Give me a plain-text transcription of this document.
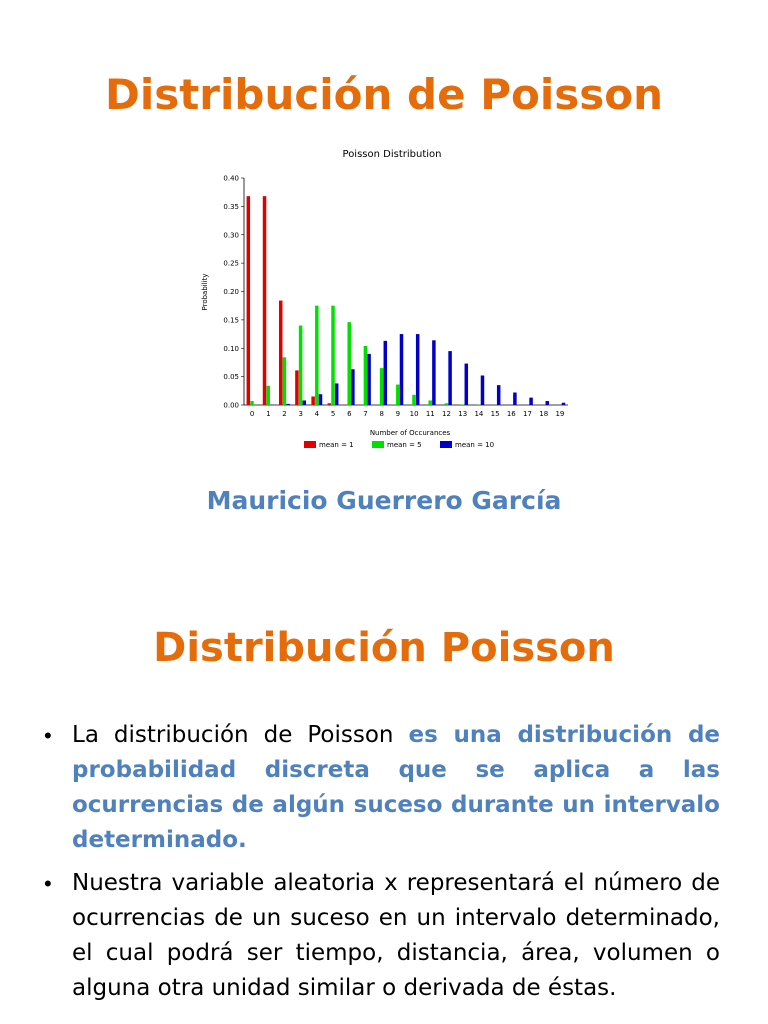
Distribución de Poisson
Poisson Distribution
Probability
Number of Occurances
0.00
0.05
0.10
0.15
0.20
0.25
0.30
0.35
0.40
0 1 2 3 4 5 6 7 8 9 10 11 12 13 14 15 16 17 18 19
mean = 1	mean = 5	mean = 10
Mauricio Guerrero García
Distribución Poisson
• La distribución de Poisson es una distribución de probabilidad discreta que se aplica a las ocurrencias de algún suceso durante un intervalo determinado.
• Nuestra variable aleatoria x representará el número de ocurrencias de un suceso en un intervalo determinado, el cual podrá ser tiempo, distancia, área, volumen o alguna otra unidad similar o derivada de éstas.
